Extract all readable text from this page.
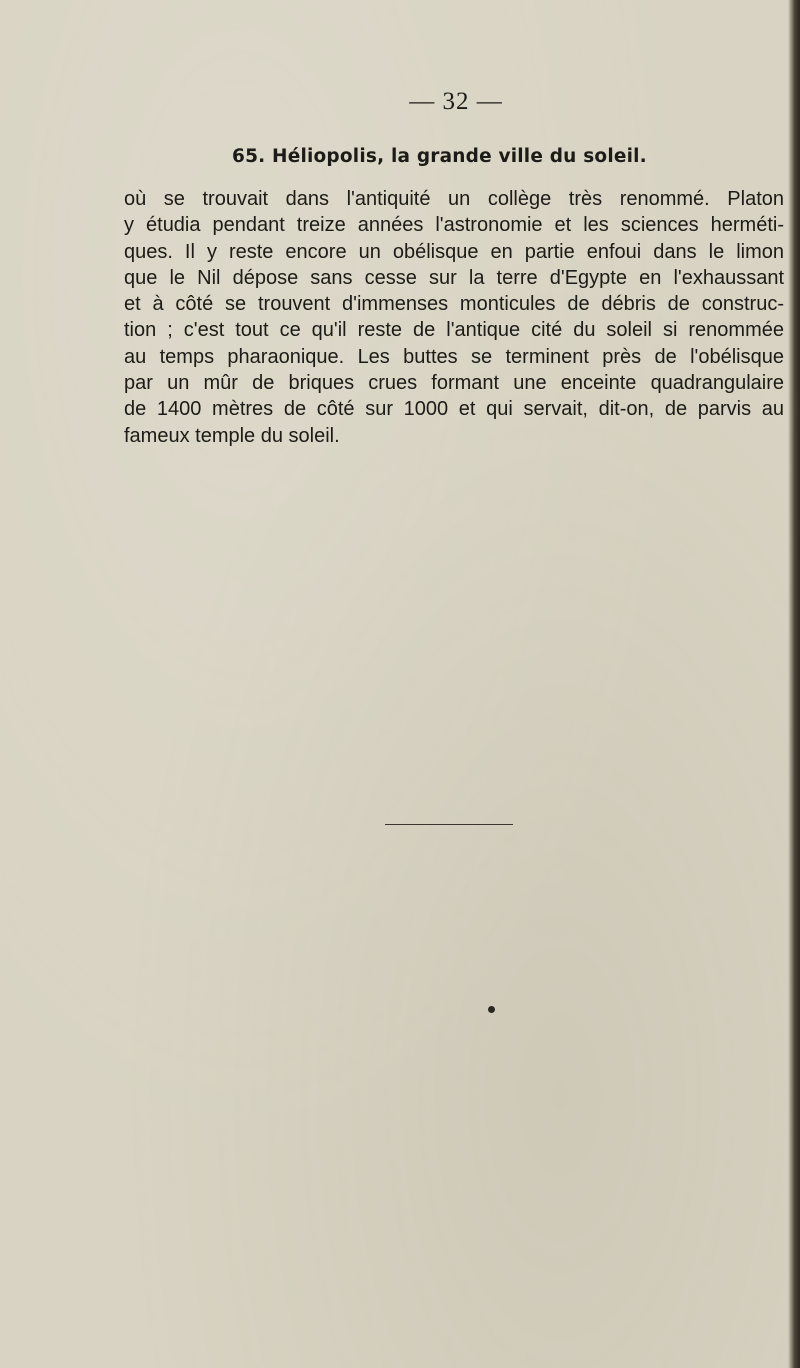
— 32 —
65. Héliopolis, la grande ville du soleil.
où se trouvait dans l'antiquité un collège très renommé. Platon
y étudia pendant treize années l'astronomie et les sciences herméti-
ques. Il y reste encore un obélisque en partie enfoui dans le limon
que le Nil dépose sans cesse sur la terre d'Egypte en l'exhaussant
et à côté se trouvent d'immenses monticules de débris de construc-
tion ; c'est tout ce qu'il reste de l'antique cité du soleil si renommée
au temps pharaonique. Les buttes se terminent près de l'obélisque
par un mûr de briques crues formant une enceinte quadrangulaire
de 1400 mètres de côté sur 1000 et qui servait, dit-on, de parvis au
fameux temple du soleil.
